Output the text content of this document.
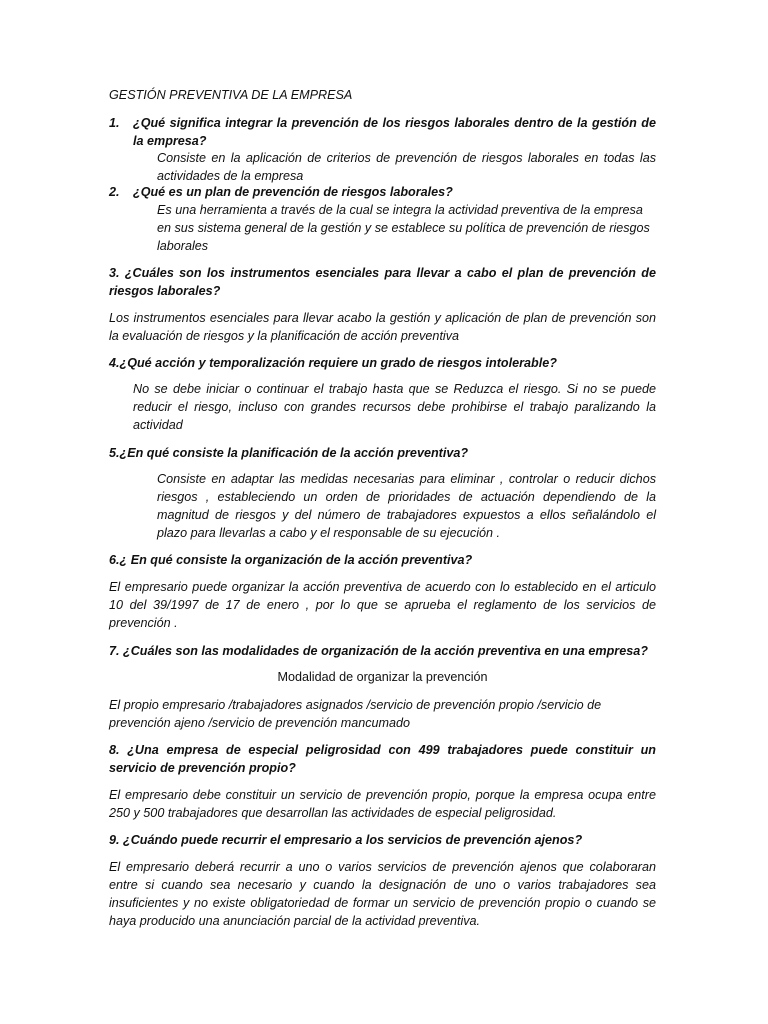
GESTIÓN PREVENTIVA DE LA EMPRESA

1. ¿Qué significa integrar la prevención de los riesgos laborales dentro de la gestión de la empresa?

Consiste en la aplicación de criterios de prevención de riesgos laborales en todas las actividades de la empresa

2. ¿Qué es un plan de prevención de riesgos laborales?

Es una herramienta a través de la cual se integra la actividad preventiva de la empresa en sus sistema general de la gestión y se establece su política de prevención de riesgos laborales

3. ¿Cuáles son los instrumentos esenciales para llevar a cabo el plan de prevención de riesgos laborales?

Los instrumentos esenciales para llevar acabo la gestión y aplicación de plan de prevención son la evaluación de riesgos y la planificación de acción preventiva

4.¿Qué acción y temporalización requiere un grado de riesgos intolerable?

No se debe iniciar o continuar el trabajo hasta que se Reduzca el riesgo. Si no se puede reducir el riesgo, incluso con grandes recursos debe prohibirse el trabajo paralizando la actividad

5.¿En qué consiste la planificación de la acción preventiva?

Consiste en adaptar las medidas necesarias para eliminar , controlar o reducir dichos riesgos , estableciendo un orden de prioridades de actuación dependiendo de la magnitud de riesgos y del número de trabajadores expuestos a ellos señalándolo el plazo para llevarlas a cabo y el responsable de su ejecución .

6.¿ En qué consiste la organización de la acción preventiva?

El empresario puede organizar la acción preventiva de acuerdo con lo establecido en el articulo 10 del 39/1997 de 17 de enero , por lo que se aprueba el reglamento de los servicios de prevención .

7. ¿Cuáles son las modalidades de organización de la acción preventiva en una empresa?

Modalidad de organizar la prevención

El propio empresario /trabajadores asignados /servicio de prevención propio /servicio de prevención ajeno /servicio de prevención mancumado

8. ¿Una empresa de especial peligrosidad con 499 trabajadores puede constituir un servicio de prevención propio?

El empresario debe constituir un servicio de prevención propio, porque la empresa ocupa entre 250 y 500 trabajadores que desarrollan las actividades de especial peligrosidad.

9. ¿Cuándo puede recurrir el empresario a los servicios de prevención ajenos?

El empresario deberá recurrir a uno o varios servicios de prevención ajenos que colaboraran entre si cuando sea necesario y cuando la designación de uno o varios trabajadores sea insuficientes y no existe obligatoriedad de formar un servicio de prevención propio o cuando se haya producido una anunciación parcial de la actividad preventiva.
